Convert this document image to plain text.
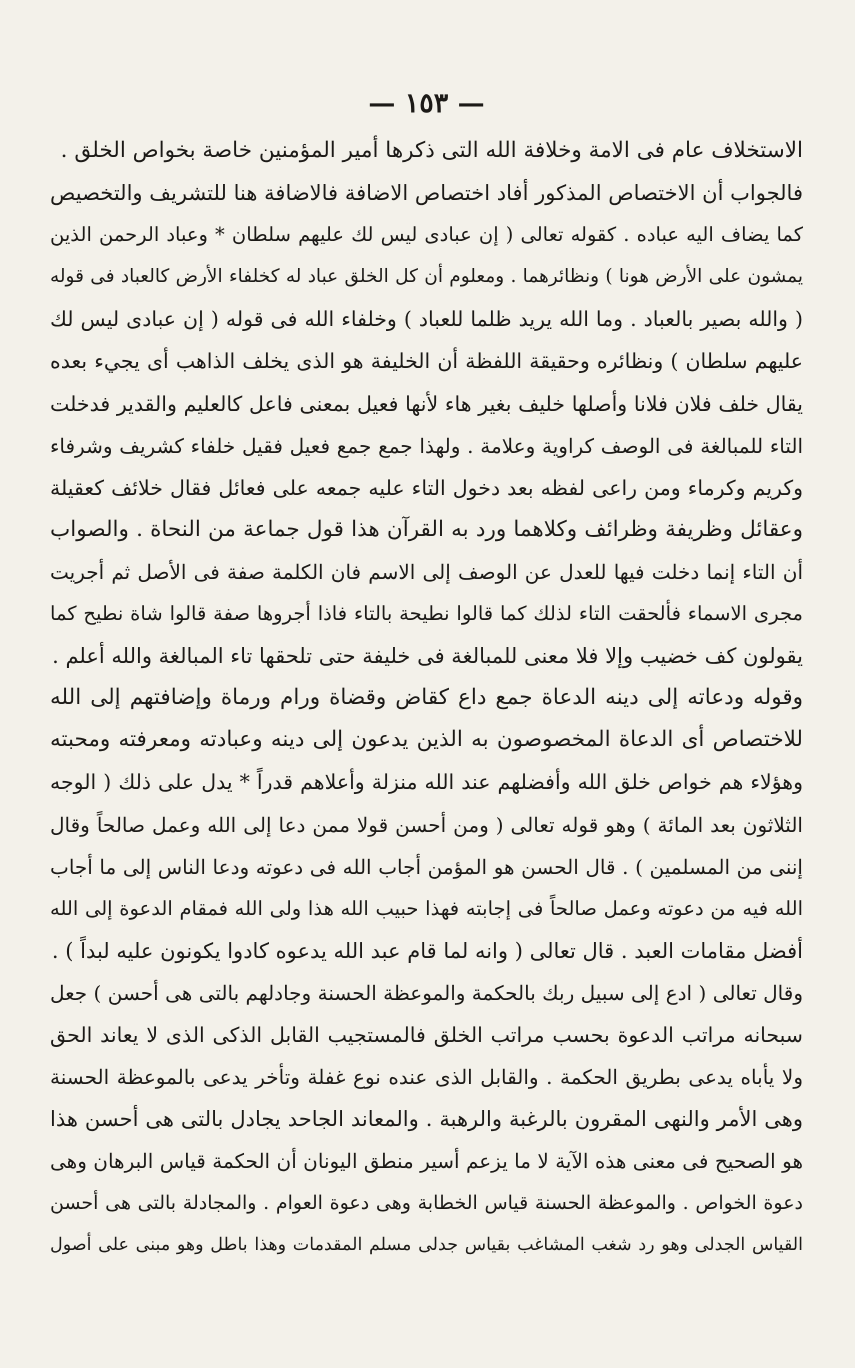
— ١٥٣ —
الاستخلاف عام فى الامة وخلافة الله التى ذكرها أمير المؤمنين خاصة بخواص الخلق .
فالجواب أن الاختصاص المذكور أفاد اختصاص الاضافة فالاضافة هنا للتشريف والتخصيص
كما يضاف اليه عباده . كقوله تعالى ( إن عبادى ليس لك عليهم سلطان * وعباد الرحمن الذين
يمشون على الأرض هونا ) ونظائرهما . ومعلوم أن كل الخلق عباد له كخلفاء الأرض كالعباد فى قوله
( والله بصير بالعباد . وما الله يريد ظلما للعباد ) وخلفاء الله فى قوله ( إن عبادى ليس لك
عليهم سلطان ) ونظائره وحقيقة اللفظة أن الخليفة هو الذى يخلف الذاهب أى يجيء بعده
يقال خلف فلان فلانا وأصلها خليف بغير هاء لأنها فعيل بمعنى فاعل كالعليم والقدير فدخلت
التاء للمبالغة فى الوصف كراوية وعلامة . ولهذا جمع جمع فعيل فقيل خلفاء كشريف وشرفاء
وكريم وكرماء ومن راعى لفظه بعد دخول التاء عليه جمعه على فعائل فقال خلائف كعقيلة
وعقائل وظريفة وظرائف وكلاهما ورد به القرآن هذا قول جماعة من النحاة . والصواب
أن التاء إنما دخلت فيها للعدل عن الوصف إلى الاسم فان الكلمة صفة فى الأصل ثم أجريت
مجرى الاسماء فألحقت التاء لذلك كما قالوا نطيحة بالتاء فاذا أجروها صفة قالوا شاة نطيح كما
يقولون كف خضيب وإلا فلا معنى للمبالغة فى خليفة حتى تلحقها تاء المبالغة والله أعلم .
وقوله ودعاته إلى دينه الدعاة جمع داع كقاض وقضاة ورام ورماة وإضافتهم إلى الله
للاختصاص أى الدعاة المخصوصون به الذين يدعون إلى دينه وعبادته ومعرفته ومحبته
وهؤلاء هم خواص خلق الله وأفضلهم عند الله منزلة وأعلاهم قدراً * يدل على ذلك ( الوجه
الثلاثون بعد المائة ) وهو قوله تعالى ( ومن أحسن قولا ممن دعا إلى الله وعمل صالحاً وقال
إننى من المسلمين ) . قال الحسن هو المؤمن أجاب الله فى دعوته ودعا الناس إلى ما أجاب
الله فيه من دعوته وعمل صالحاً فى إجابته فهذا حبيب الله هذا ولى الله فمقام الدعوة إلى الله
أفضل مقامات العبد . قال تعالى ( وانه لما قام عبد الله يدعوه كادوا يكونون عليه لبداً ) .
وقال تعالى ( ادع إلى سبيل ربك بالحكمة والموعظة الحسنة وجادلهم بالتى هى أحسن ) جعل
سبحانه مراتب الدعوة بحسب مراتب الخلق فالمستجيب القابل الذكى الذى لا يعاند الحق
ولا يأباه يدعى بطريق الحكمة . والقابل الذى عنده نوع غفلة وتأخر يدعى بالموعظة الحسنة
وهى الأمر والنهى المقرون بالرغبة والرهبة . والمعاند الجاحد يجادل بالتى هى أحسن هذا
هو الصحيح فى معنى هذه الآية لا ما يزعم أسير منطق اليونان أن الحكمة قياس البرهان وهى
دعوة الخواص . والموعظة الحسنة قياس الخطابة وهى دعوة العوام . والمجادلة بالتى هى أحسن
القياس الجدلى وهو رد شغب المشاغب بقياس جدلى مسلم المقدمات وهذا باطل وهو مبنى على أصول
